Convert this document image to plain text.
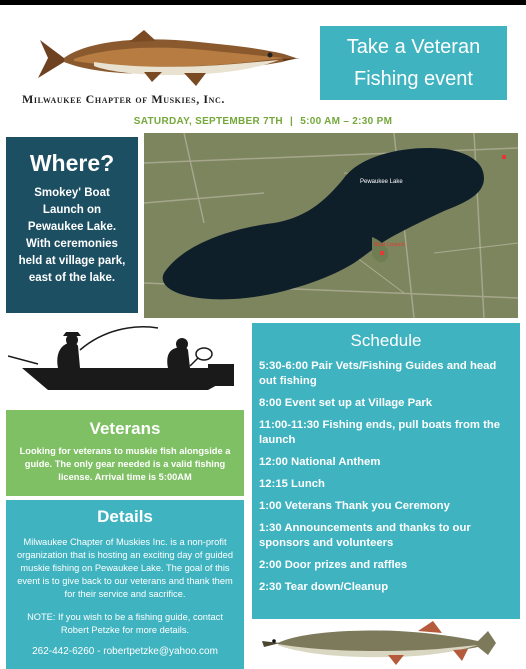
Milwaukee Chapter of Muskies, Inc.
Take a Veteran
Fishing event
SATURDAY, SEPTEMBER 7TH | 5:00 AM – 2:30 PM
Where?
Smokey' Boat Launch on Pewaukee Lake. With ceremonies held at village park, east of the lake.
Pewaukee Lake
Boat Launch
Veterans
Looking for veterans to muskie fish alongside a guide. The only gear needed is a valid fishing license. Arrival time is 5:00AM
Details
Milwaukee Chapter of Muskies Inc. is a non-profit organization that is hosting an exciting day of guided muskie fishing on Pewaukee Lake. The goal of this event is to give back to our veterans and thank them for their service and sacrifice.
NOTE: If you wish to be a fishing guide, contact Robert Petzke for more details.
262-442-6260 - robertpetzke@yahoo.com
Schedule
5:30-6:00 Pair Vets/Fishing Guides and head out fishing
8:00 Event set up at Village Park
11:00-11:30 Fishing ends, pull boats from the launch
12:00 National Anthem
12:15 Lunch
1:00 Veterans Thank you Ceremony
1:30 Announcements and thanks to our sponsors and volunteers
2:00 Door prizes and raffles
2:30 Tear down/Cleanup
